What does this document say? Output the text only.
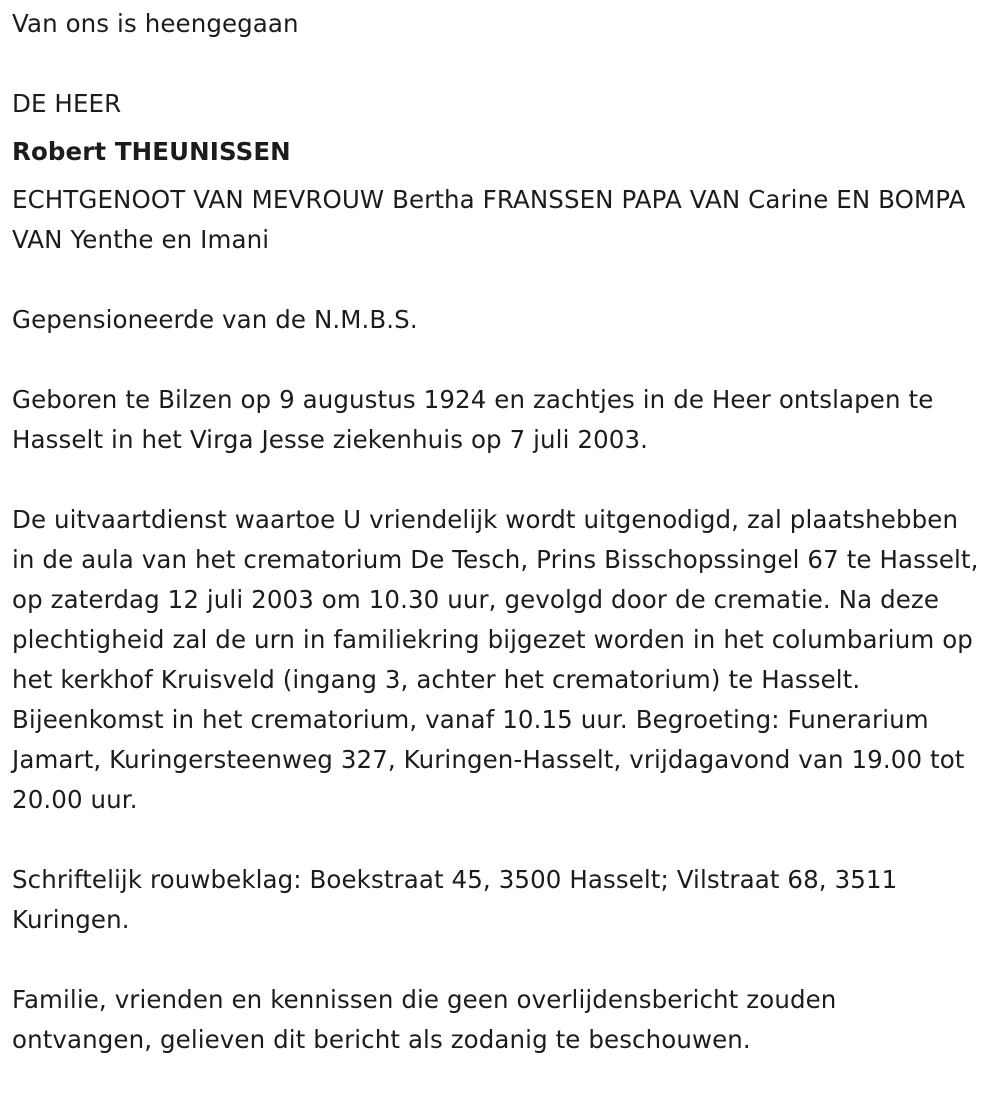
Van ons is heengegaan

DE HEER

Robert THEUNISSEN

ECHTGENOOT VAN MEVROUW Bertha FRANSSEN PAPA VAN Carine EN BOMPA VAN Yenthe en Imani

Gepensioneerde van de N.M.B.S.

Geboren te Bilzen op 9 augustus 1924 en zachtjes in de Heer ontslapen te Hasselt in het Virga Jesse ziekenhuis op 7 juli 2003.

De uitvaartdienst waartoe U vriendelijk wordt uitgenodigd, zal plaatshebben in de aula van het crematorium De Tesch, Prins Bisschopssingel 67 te Hasselt, op zaterdag 12 juli 2003 om 10.30 uur, gevolgd door de crematie. Na deze plechtigheid zal de urn in familiekring bijgezet worden in het columbarium op het kerkhof Kruisveld (ingang 3, achter het crematorium) te Hasselt. Bijeenkomst in het crematorium, vanaf 10.15 uur. Begroeting: Funerarium Jamart, Kuringersteenweg 327, Kuringen-Hasselt, vrijdagavond van 19.00 tot 20.00 uur.

Schriftelijk rouwbeklag: Boekstraat 45, 3500 Hasselt; Vilstraat 68, 3511 Kuringen.

Familie, vrienden en kennissen die geen overlijdensbericht zouden ontvangen, gelieven dit bericht als zodanig te beschouwen.
